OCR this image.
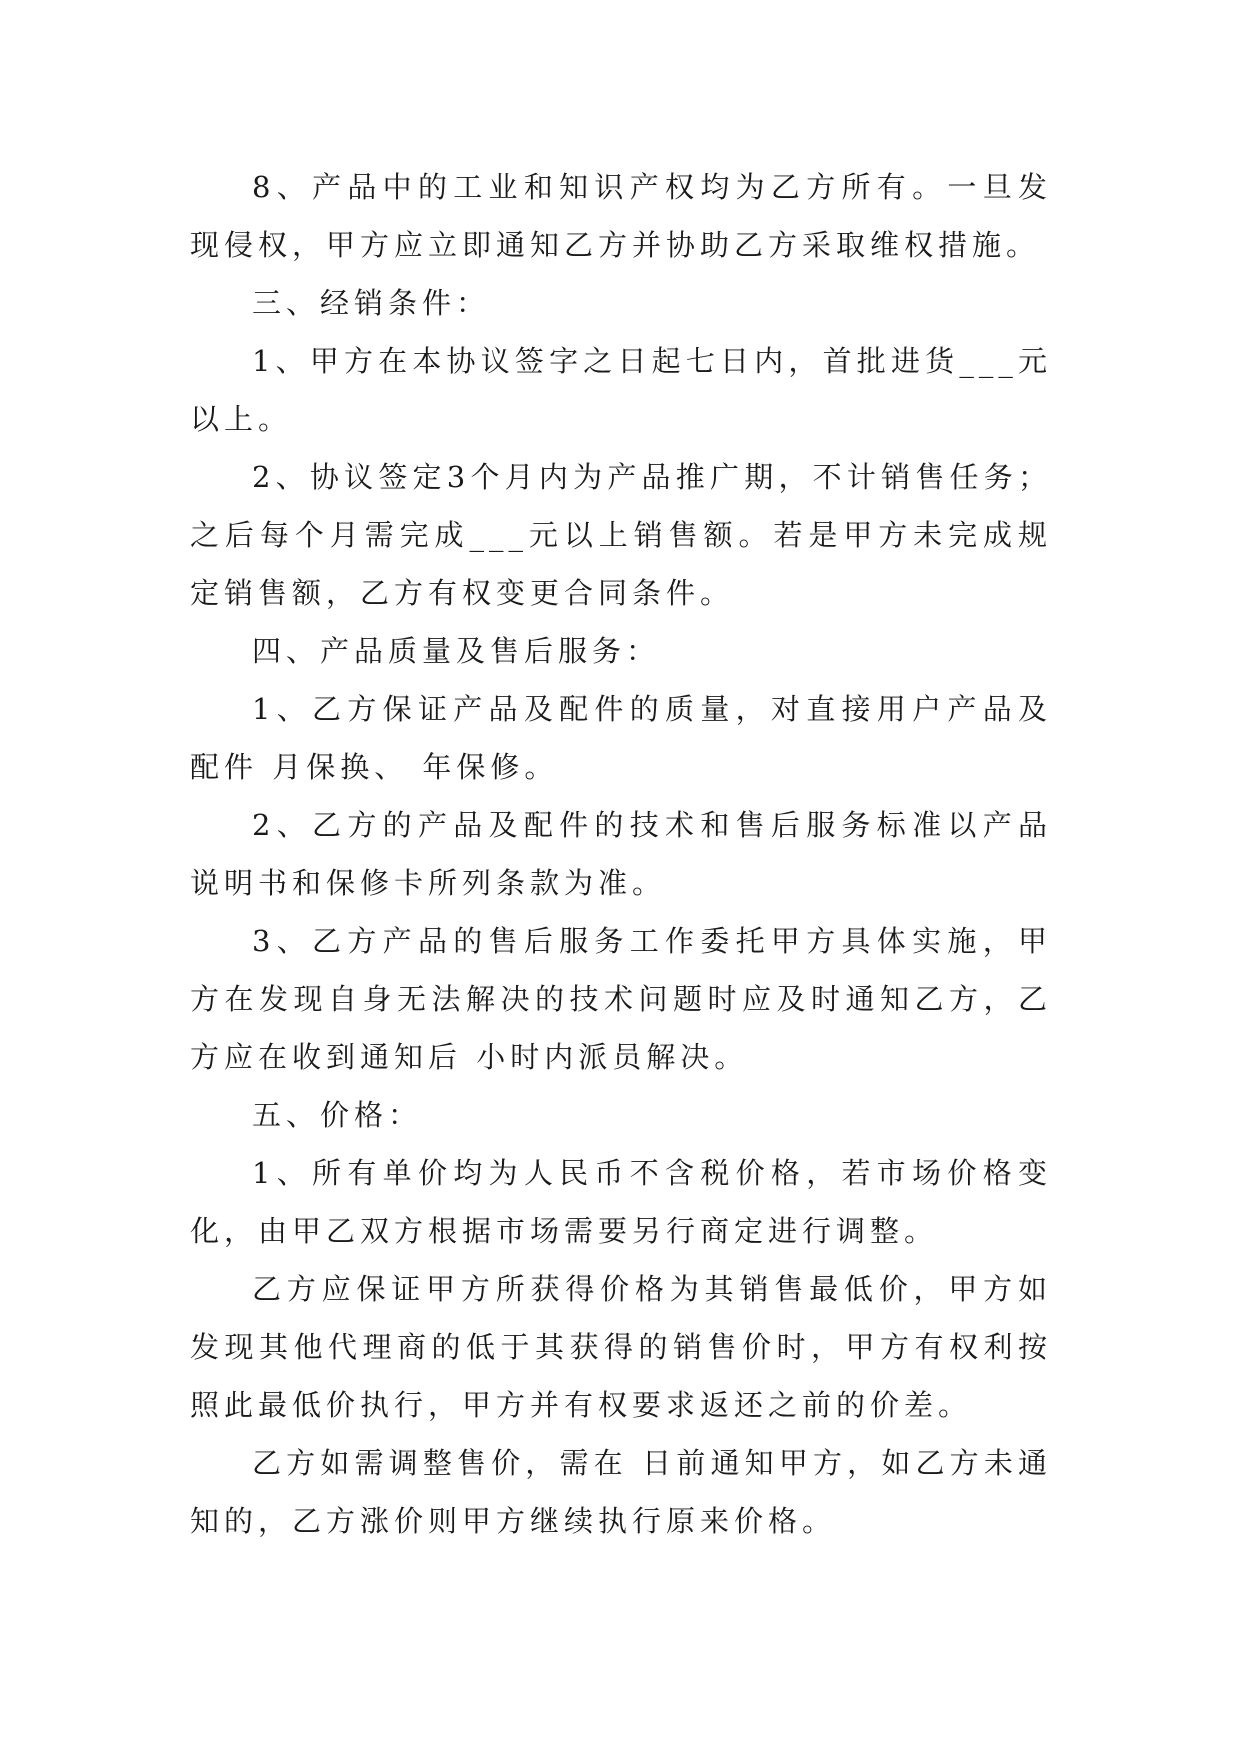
8、产品中的工业和知识产权均为乙方所有。一旦发现侵权，甲方应立即通知乙方并协助乙方采取维权措施。

三、经销条件：

1、甲方在本协议签字之日起七日内，首批进货___元以上。

2、协议签定3个月内为产品推广期，不计销售任务；之后每个月需完成___元以上销售额。若是甲方未完成规定销售额，乙方有权变更合同条件。

四、产品质量及售后服务：

1、乙方保证产品及配件的质量，对直接用户产品及配件 月保换、 年保修。

2、乙方的产品及配件的技术和售后服务标准以产品说明书和保修卡所列条款为准。

3、乙方产品的售后服务工作委托甲方具体实施，甲方在发现自身无法解决的技术问题时应及时通知乙方，乙方应在收到通知后 小时内派员解决。

五、价格：

1、所有单价均为人民币不含税价格，若市场价格变化，由甲乙双方根据市场需要另行商定进行调整。

乙方应保证甲方所获得价格为其销售最低价，甲方如发现其他代理商的低于其获得的销售价时，甲方有权利按照此最低价执行，甲方并有权要求返还之前的价差。

乙方如需调整售价，需在 日前通知甲方，如乙方未通知的，乙方涨价则甲方继续执行原来价格。
